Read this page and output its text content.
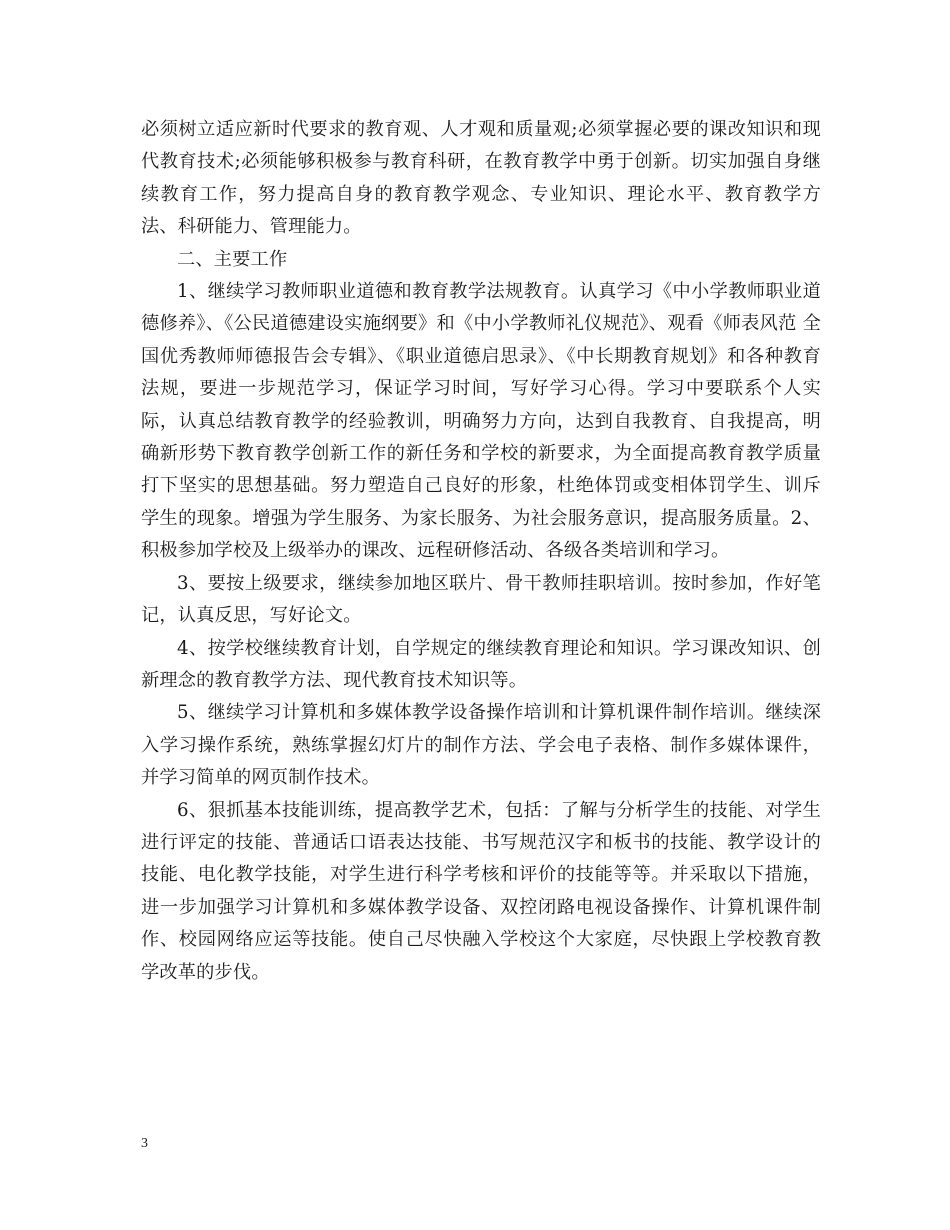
必须树立适应新时代要求的教育观、人才观和质量观;必须掌握必要的课改知识和现代教育技术;必须能够积极参与教育科研，在教育教学中勇于创新。切实加强自身继续教育工作，努力提高自身的教育教学观念、专业知识、理论水平、教育教学方法、科研能力、管理能力。

二、主要工作

1、继续学习教师职业道德和教育教学法规教育。认真学习《中小学教师职业道德修养》、《公民道德建设实施纲要》和《中小学教师礼仪规范》、观看《师表风范 全国优秀教师师德报告会专辑》、《职业道德启思录》、《中长期教育规划》和各种教育法规，要进一步规范学习，保证学习时间，写好学习心得。学习中要联系个人实际，认真总结教育教学的经验教训，明确努力方向，达到自我教育、自我提高，明确新形势下教育教学创新工作的新任务和学校的新要求，为全面提高教育教学质量打下坚实的思想基础。努力塑造自己良好的形象，杜绝体罚或变相体罚学生、训斥学生的现象。增强为学生服务、为家长服务、为社会服务意识，提高服务质量。2、积极参加学校及上级举办的课改、远程研修活动、各级各类培训和学习。

3、要按上级要求，继续参加地区联片、骨干教师挂职培训。按时参加，作好笔记，认真反思，写好论文。

4、按学校继续教育计划，自学规定的继续教育理论和知识。学习课改知识、创新理念的教育教学方法、现代教育技术知识等。

5、继续学习计算机和多媒体教学设备操作培训和计算机课件制作培训。继续深入学习操作系统，熟练掌握幻灯片的制作方法、学会电子表格、制作多媒体课件，并学习简单的网页制作技术。

6、狠抓基本技能训练，提高教学艺术，包括：了解与分析学生的技能、对学生进行评定的技能、普通话口语表达技能、书写规范汉字和板书的技能、教学设计的技能、电化教学技能，对学生进行科学考核和评价的技能等等。并采取以下措施，进一步加强学习计算机和多媒体教学设备、双控闭路电视设备操作、计算机课件制作、校园网络应运等技能。使自己尽快融入学校这个大家庭，尽快跟上学校教育教学改革的步伐。

3
